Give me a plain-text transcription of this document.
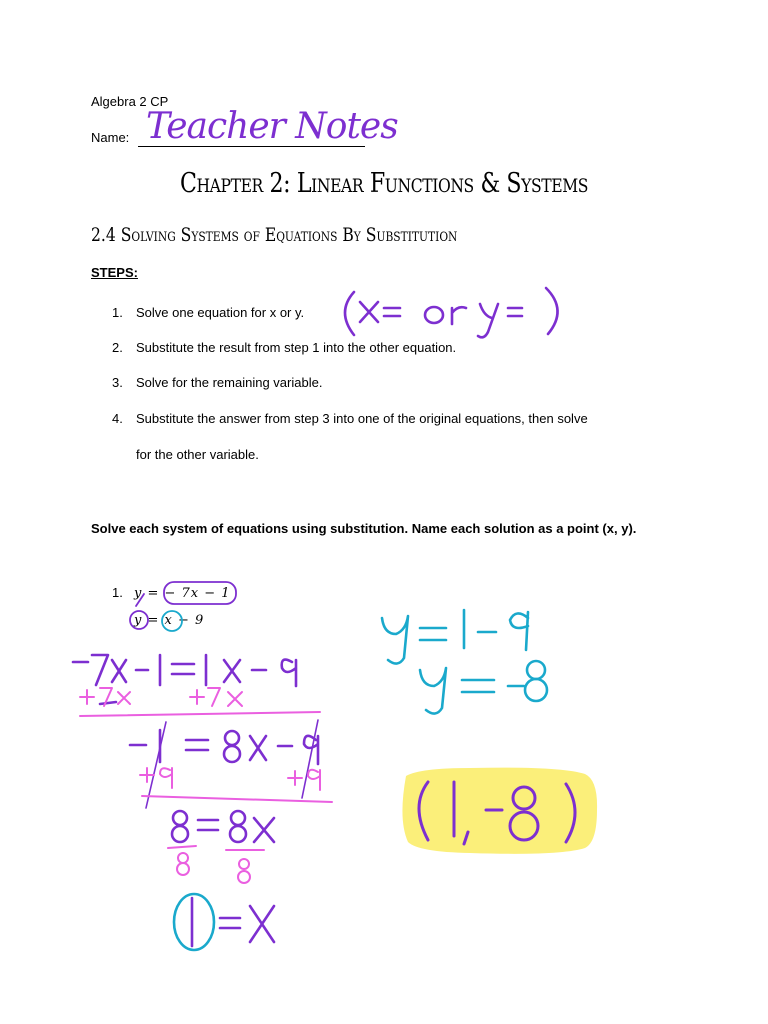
Algebra 2 CP
Name: Teacher Notes
Chapter 2: Linear Functions & Systems
2.4 Solving Systems of Equations By Substitution
STEPS:
1. Solve one equation for x or y.
2. Substitute the result from step 1 into the other equation.
3. Solve for the remaining variable.
4. Substitute the answer from step 3 into one of the original equations, then solve
for the other variable.
Solve each system of equations using substitution. Name each solution as a point (x, y).
1. y = − 7x − 1
y = x − 9
